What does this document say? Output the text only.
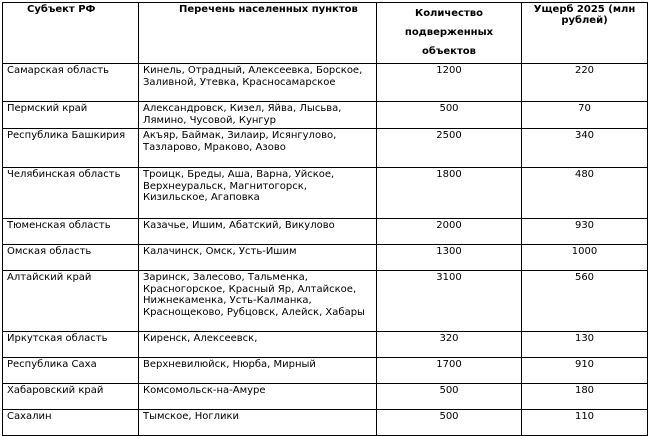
Субъект РФ	Перечень населенных пунктов	Количество подверженных объектов	Ущерб 2025 (млн рублей)

Самарская область	Кинель, Отрадный, Алексеевка, Борское, Заливной, Утевка, Красносамарское	1200	220
Пермский край	Александровск, Кизел, Яйва, Лысьва, Лямино, Чусовой, Кунгур	500	70
Республика Башкирия	Акъяр, Баймак, Зилаир, Исянгулово, Тазларово, Мраково, Азово	2500	340
Челябинская область	Троицк, Бреды, Аша, Варна, Уйское, Верхнеуральск, Магнитогорск, Кизильское, Агаповка	1800	480
Тюменская область	Казачье, Ишим, Абатский, Викулово	2000	930
Омская область	Калачинск, Омск, Усть-Ишим	1300	1000
Алтайский край	Заринск, Залесово, Тальменка, Красногорское, Красный Яр, Алтайское, Нижнекаменка, Усть-Калманка, Краснощеково, Рубцовск, Алейск, Хабары	3100	560
Иркутская область	Киренск, Алексеевск,	320	130
Республика Саха	Верхневилюйск, Нюрба, Мирный	1700	910
Хабаровский край	Комсомольск-на-Амуре	500	180
Сахалин	Тымское, Ноглики	500	110
